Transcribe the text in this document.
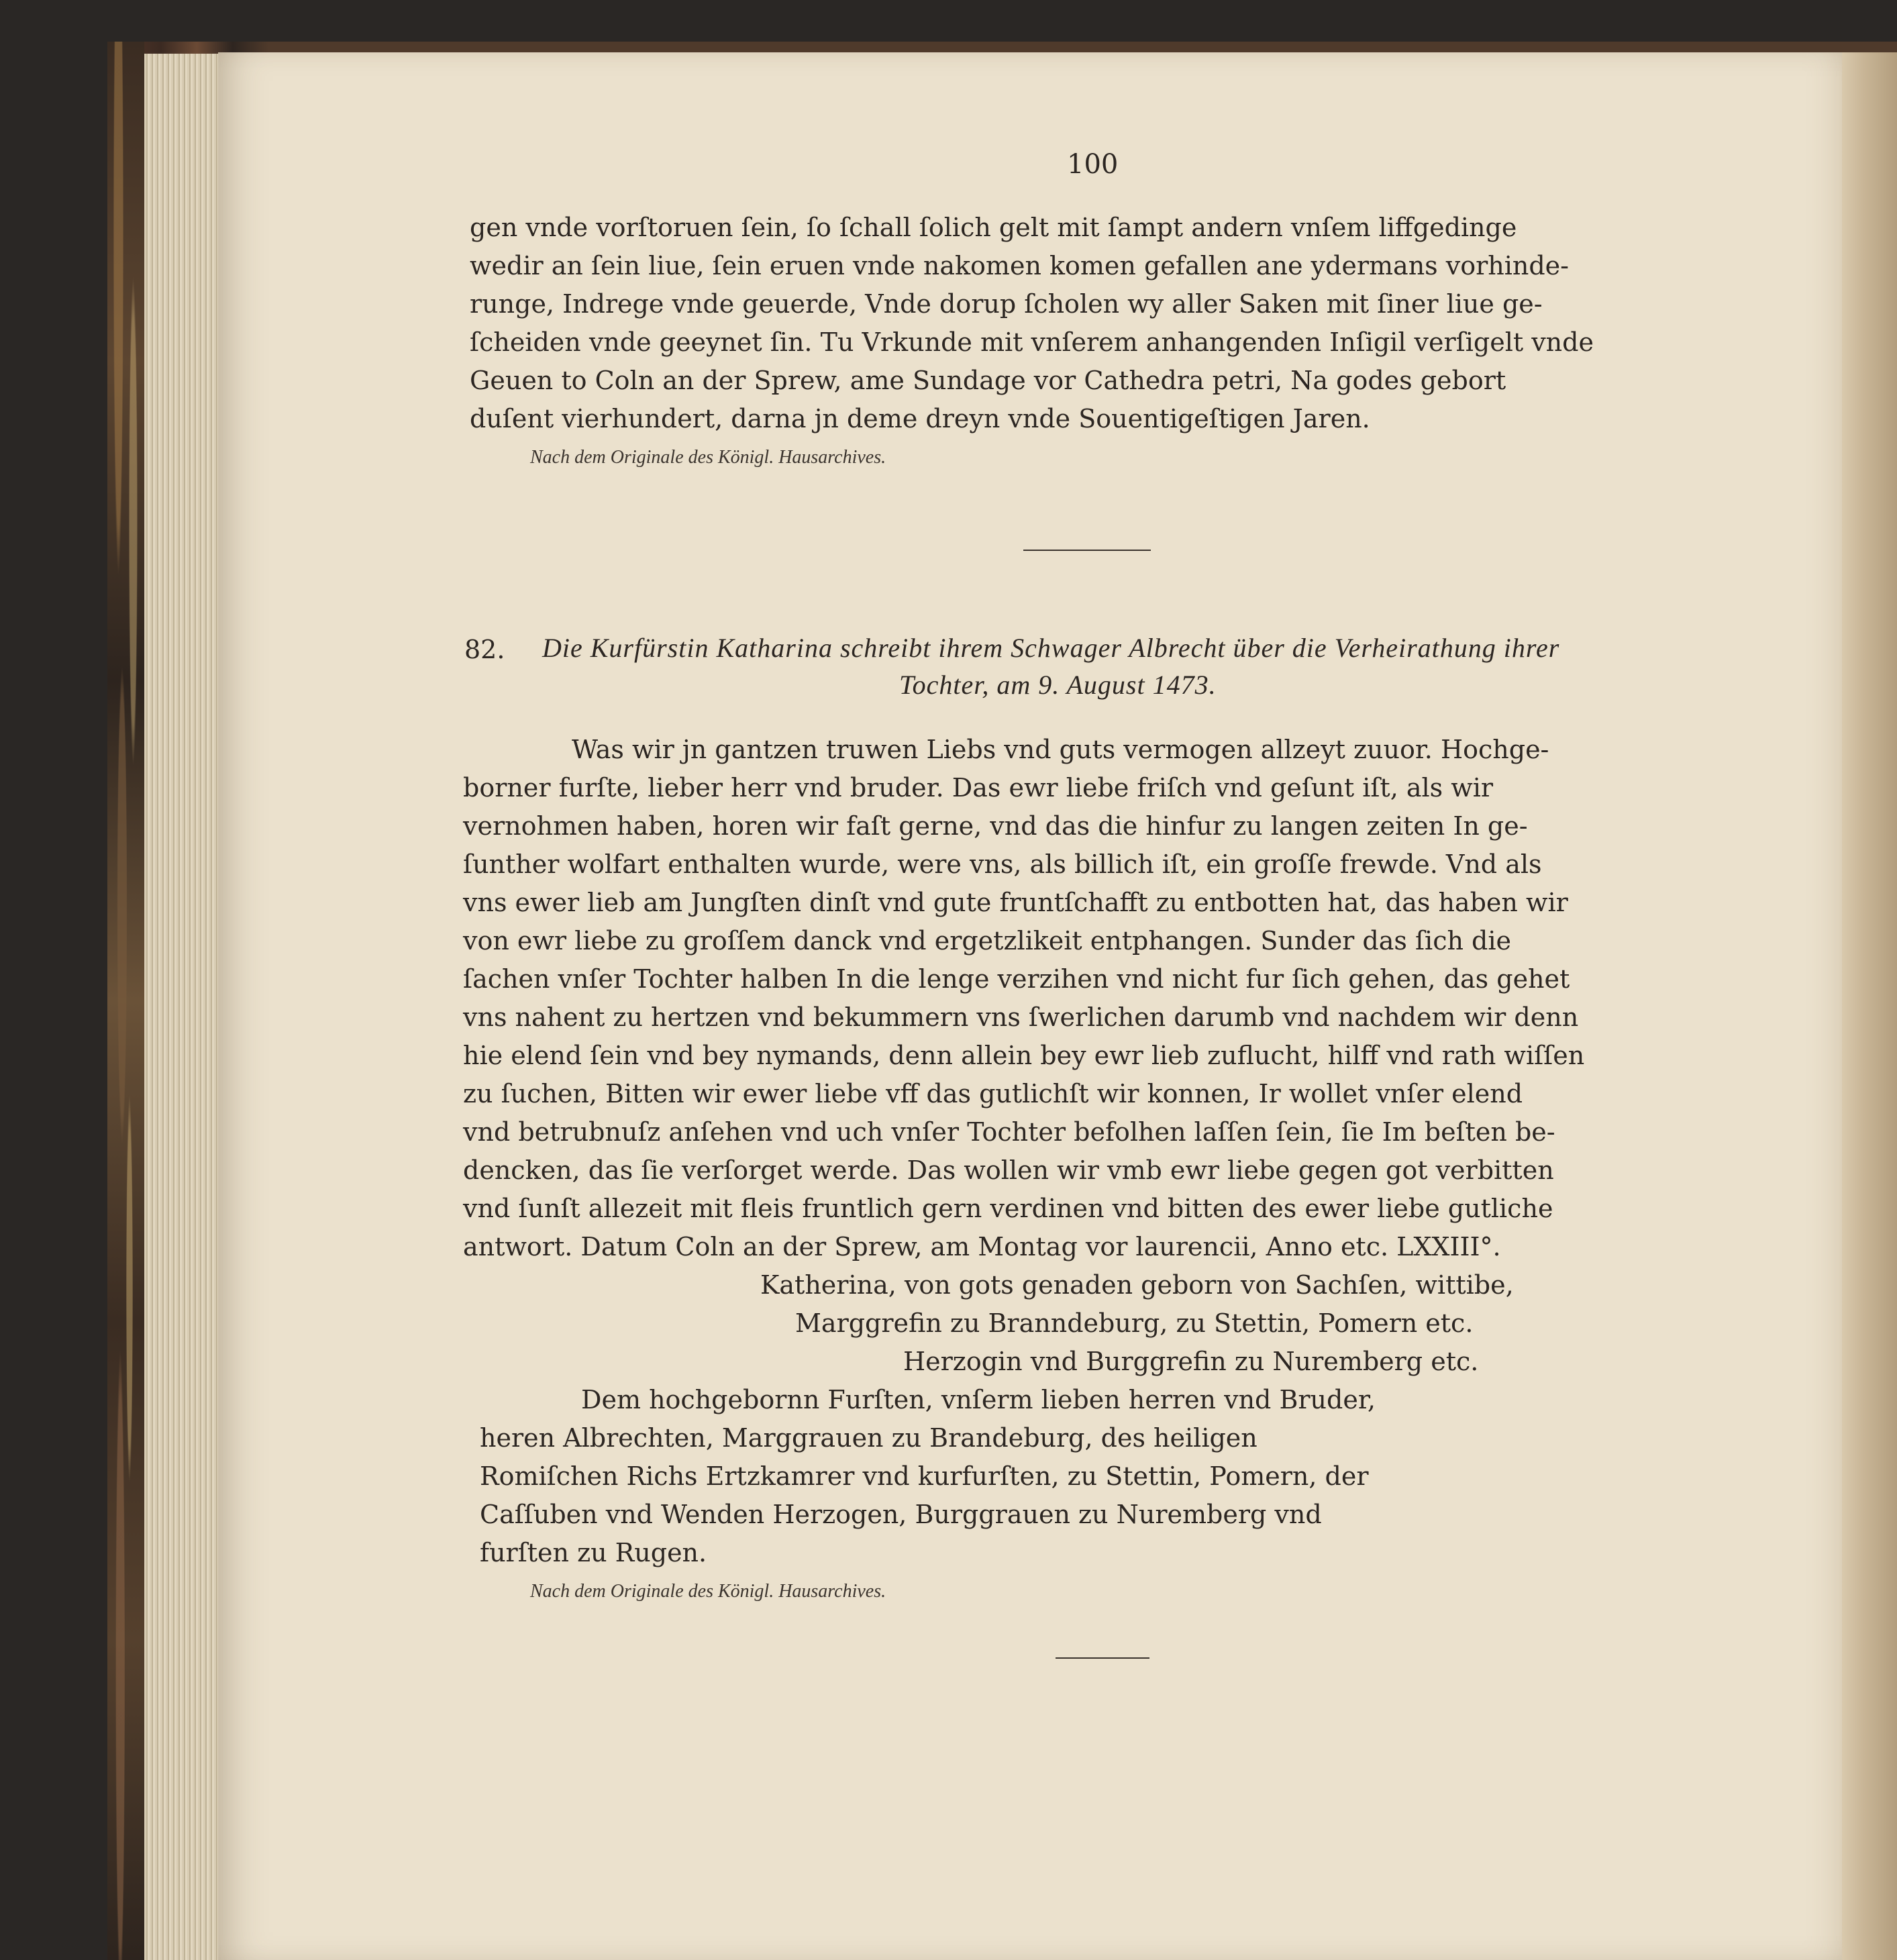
100
gen vnde vorſtoruen ſein, ſo ſchall ſolich gelt mit ſampt andern vnſem liffgedinge
wedir an ſein liue, ſein eruen vnde nakomen komen gefallen ane ydermans vorhinde-
runge, Indrege vnde geuerde, Vnde dorup ſcholen wy aller Saken mit ſiner liue ge-
ſcheiden vnde geeynet ſin. Tu Vrkunde mit vnſerem anhangenden Inſigil verſigelt vnde
Geuen to Coln an der Sprew, ame Sundage vor Cathedra petri, Na godes gebort
duſent vierhundert, darna jn deme dreyn vnde Souentigeſtigen Jaren.
Nach dem Originale des Königl. Hausarchives.
82. Die Kurfürstin Katharina schreibt ihrem Schwager Albrecht über die Verheirathung ihrer
Tochter, am 9. August 1473.
Was wir jn gantzen truwen Liebs vnd guts vermogen allzeyt zuuor. Hochge-
borner furſte, lieber herr vnd bruder. Das ewr liebe friſch vnd geſunt iſt, als wir
vernohmen haben, horen wir faſt gerne, vnd das die hinfur zu langen zeiten In ge-
ſunther wolfart enthalten wurde, were vns, als billich iſt, ein groſſe frewde. Vnd als
vns ewer lieb am Jungſten dinſt vnd gute fruntſchafft zu entbotten hat, das haben wir
von ewr liebe zu groſſem danck vnd ergetzlikeit entphangen. Sunder das ſich die
ſachen vnſer Tochter halben In die lenge verzihen vnd nicht fur ſich gehen, das gehet
vns nahent zu hertzen vnd bekummern vns ſwerlichen darumb vnd nachdem wir denn
hie elend ſein vnd bey nymands, denn allein bey ewr lieb zuflucht, hilff vnd rath wiſſen
zu ſuchen, Bitten wir ewer liebe vff das gutlichſt wir konnen, Ir wollet vnſer elend
vnd betrubnuſz anſehen vnd uch vnſer Tochter befolhen laſſen ſein, ſie Im beſten be-
dencken, das ſie verſorget werde. Das wollen wir vmb ewr liebe gegen got verbitten
vnd ſunſt allezeit mit fleis fruntlich gern verdinen vnd bitten des ewer liebe gutliche
antwort. Datum Coln an der Sprew, am Montag vor laurencii, Anno etc. LXXIII°.
Katherina, von gots genaden geborn von Sachſen, wittibe,
Marggrefin zu Branndeburg, zu Stettin, Pomern etc.
Herzogin vnd Burggrefin zu Nuremberg etc.
Dem hochgebornn Furſten, vnſerm lieben herren vnd Bruder,
heren Albrechten, Marggrauen zu Brandeburg, des heiligen
Romiſchen Richs Ertzkamrer vnd kurfurſten, zu Stettin, Pomern, der
Caſſuben vnd Wenden Herzogen, Burggrauen zu Nuremberg vnd
furſten zu Rugen.
Nach dem Originale des Königl. Hausarchives.
